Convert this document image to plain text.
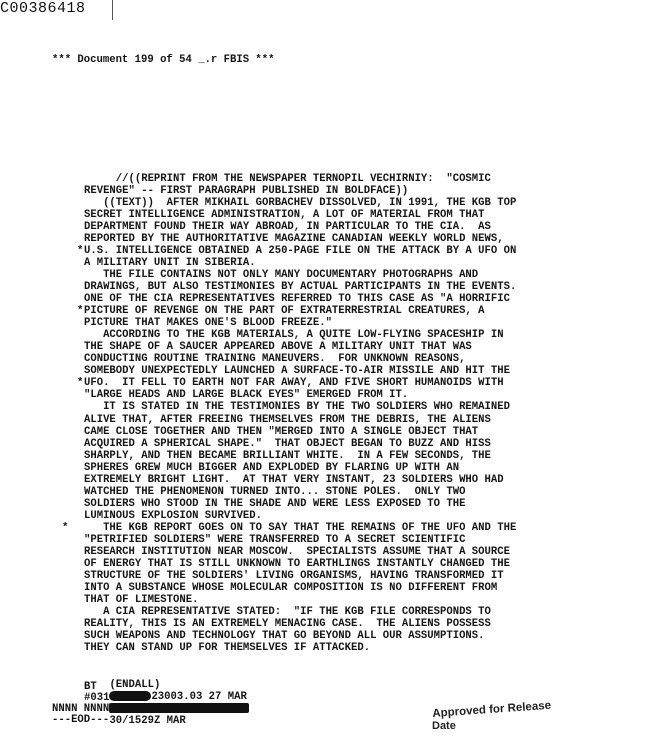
C00386418
*** Document 199 of 54 _.r FBIS ***
//((REPRINT FROM THE NEWSPAPER TERNOPIL VECHIRNIY:  "COSMIC
REVENGE" -- FIRST PARAGRAPH PUBLISHED IN BOLDFACE))
((TEXT))  AFTER MIKHAIL GORBACHEV DISSOLVED, IN 1991, THE KGB TOP
SECRET INTELLIGENCE ADMINISTRATION, A LOT OF MATERIAL FROM THAT
DEPARTMENT FOUND THEIR WAY ABROAD, IN PARTICULAR TO THE CIA.  AS
REPORTED BY THE AUTHORITATIVE MAGAZINE CANADIAN WEEKLY WORLD NEWS,
U.S. INTELLIGENCE OBTAINED A 250-PAGE FILE ON THE ATTACK BY A UFO ON
A MILITARY UNIT IN SIBERIA.
THE FILE CONTAINS NOT ONLY MANY DOCUMENTARY PHOTOGRAPHS AND
DRAWINGS, BUT ALSO TESTIMONIES BY ACTUAL PARTICIPANTS IN THE EVENTS.
ONE OF THE CIA REPRESENTATIVES REFERRED TO THIS CASE AS "A HORRIFIC
PICTURE OF REVENGE ON THE PART OF EXTRATERRESTRIAL CREATURES, A
PICTURE THAT MAKES ONE'S BLOOD FREEZE."
ACCORDING TO THE KGB MATERIALS, A QUITE LOW-FLYING SPACESHIP IN
THE SHAPE OF A SAUCER APPEARED ABOVE A MILITARY UNIT THAT WAS
CONDUCTING ROUTINE TRAINING MANEUVERS.  FOR UNKNOWN REASONS,
SOMEBODY UNEXPECTEDLY LAUNCHED A SURFACE-TO-AIR MISSILE AND HIT THE
UFO.  IT FELL TO EARTH NOT FAR AWAY, AND FIVE SHORT HUMANOIDS WITH
"LARGE HEADS AND LARGE BLACK EYES" EMERGED FROM IT.
IT IS STATED IN THE TESTIMONIES BY THE TWO SOLDIERS WHO REMAINED
ALIVE THAT, AFTER FREEING THEMSELVES FROM THE DEBRIS, THE ALIENS
CAME CLOSE TOGETHER AND THEN "MERGED INTO A SINGLE OBJECT THAT
ACQUIRED A SPHERICAL SHAPE."  THAT OBJECT BEGAN TO BUZZ AND HISS
SHARPLY, AND THEN BECAME BRILLIANT WHITE.  IN A FEW SECONDS, THE
SPHERES GREW MUCH BIGGER AND EXPLODED BY FLARING UP WITH AN
EXTREMELY BRIGHT LIGHT.  AT THAT VERY INSTANT, 23 SOLDIERS WHO HAD
WATCHED THE PHENOMENON TURNED INTO... STONE POLES.  ONLY TWO
SOLDIERS WHO STOOD IN THE SHADE AND WERE LESS EXPOSED TO THE
LUMINOUS EXPLOSION SURVIVED.
THE KGB REPORT GOES ON TO SAY THAT THE REMAINS OF THE UFO AND THE
"PETRIFIED SOLDIERS" WERE TRANSFERRED TO A SECRET SCIENTIFIC
RESEARCH INSTITUTION NEAR MOSCOW.  SPECIALISTS ASSUME THAT A SOURCE
OF ENERGY THAT IS STILL UNKNOWN TO EARTHLINGS INSTANTLY CHANGED THE
STRUCTURE OF THE SOLDIERS' LIVING ORGANISMS, HAVING TRANSFORMED IT
INTO A SUBSTANCE WHOSE MOLECULAR COMPOSITION IS NO DIFFERENT FROM
THAT OF LIMESTONE.
A CIA REPRESENTATIVE STATED:  "IF THE KGB FILE CORRESPONDS TO
REALITY, THIS IS AN EXTREMELY MENACING CASE.  THE ALIENS POSSESS
SUCH WEAPONS AND TECHNOLOGY THAT GO BEYOND ALL OUR ASSUMPTIONS.
THEY CAN STAND UP FOR THEMSELVES IF ATTACKED.
*
*
*
*

(ENDALL)
23003.03 27 MAR

30/1529Z MAR

BT
#0317
NNNN NNNN
---EOD---
Approved for Release
Date
